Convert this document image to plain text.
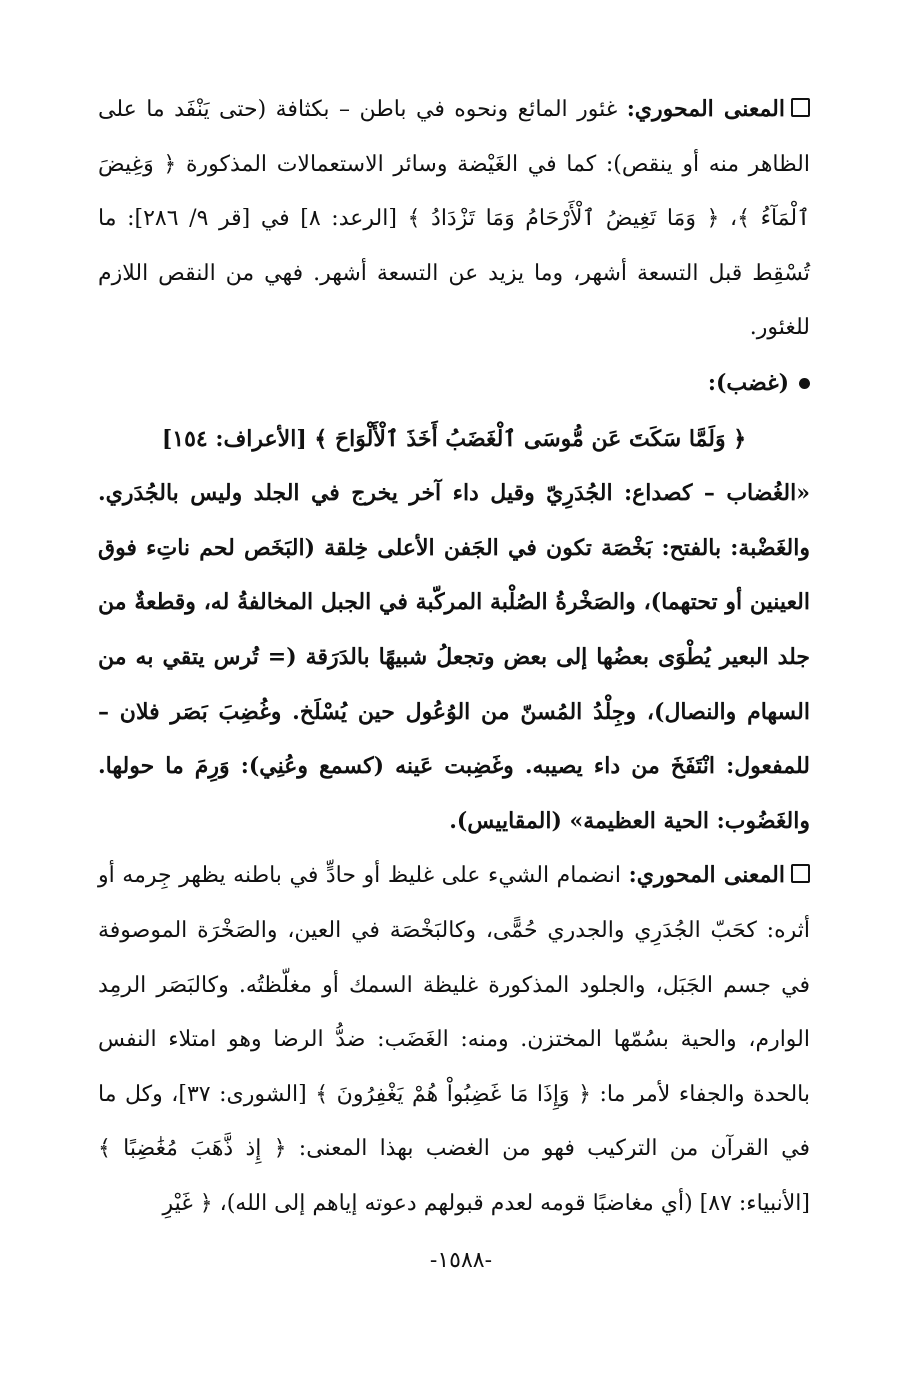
المعنى المحوري: غئور المائع ونحوه في باطن – بكثافة (حتى يَنْفَد ما على الظاهر منه أو ينقص): كما في الغَيْضة وسائر الاستعمالات المذكورة ﴿ وَغِيضَ ٱلْمَآءُ ﴾، ﴿ وَمَا تَغِيضُ ٱلْأَرْحَامُ وَمَا تَزْدَادُ ﴾ [الرعد: ٨] في [قر ٩/ ٢٨٦]: ما تُسْقِط قبل التسعة أشهر، وما يزيد عن التسعة أشهر. فهي من النقص اللازم للغئور.

(غضب):

﴿ وَلَمَّا سَكَتَ عَن مُّوسَى ٱلْغَضَبُ أَخَذَ ٱلْأَلْوَاحَ ﴾ [الأعراف: ١٥٤]

«الغُضاب – كصداع: الجُدَرِيّ وقيل داء آخر يخرج في الجلد وليس بالجُدَري. والغَضْبة: بالفتح: بَخْصَة تكون في الجَفن الأعلى خِلقة (البَخَص لحم ناتِء فوق العينين أو تحتهما)، والصَخْرةُ الصُلْبة المركّبة في الجبل المخالفةُ له، وقطعةٌ من جلد البعير يُطْوَى بعضُها إلى بعض وتجعلُ شبيهًا بالدَرَقة (= تُرس يتقي به من السهام والنصال)، وجِلْدُ المُسنّ من الوُعُول حين يُسْلَخ. وغُضِبَ بَصَر فلان – للمفعول: انْتَفَخَ من داء يصيبه. وغَضِبت عَينه (كسمع وعُنِي): وَرِمَ ما حولها. والغَضُوب: الحية العظيمة» (المقاييس).

المعنى المحوري: انضمام الشيء على غليظ أو حادٍّ في باطنه يظهر جِرمه أو أثره: كحَبّ الجُدَرِي والجدري حُمًّى، وكالبَخْصَة في العين، والصَخْرَة الموصوفة في جسم الجَبَل، والجلود المذكورة غليظة السمك أو مغلّظتُه. وكالبَصَر الرمِد الوارم، والحية بسُمّها المختزن. ومنه: الغَضَب: ضدُّ الرضا وهو امتلاء النفس بالحدة والجفاء لأمر ما: ﴿ وَإِذَا مَا غَضِبُواْ هُمْ يَغْفِرُونَ ﴾ [الشورى: ٣٧]، وكل ما في القرآن من التركيب فهو من الغضب بهذا المعنى: ﴿ إِذ ذَّهَبَ مُغَٰضِبًا ﴾ [الأنبياء: ٨٧] (أي مغاضبًا قومه لعدم قبولهم دعوته إياهم إلى الله)، ﴿ غَيْرِ

-١٥٨٨-
